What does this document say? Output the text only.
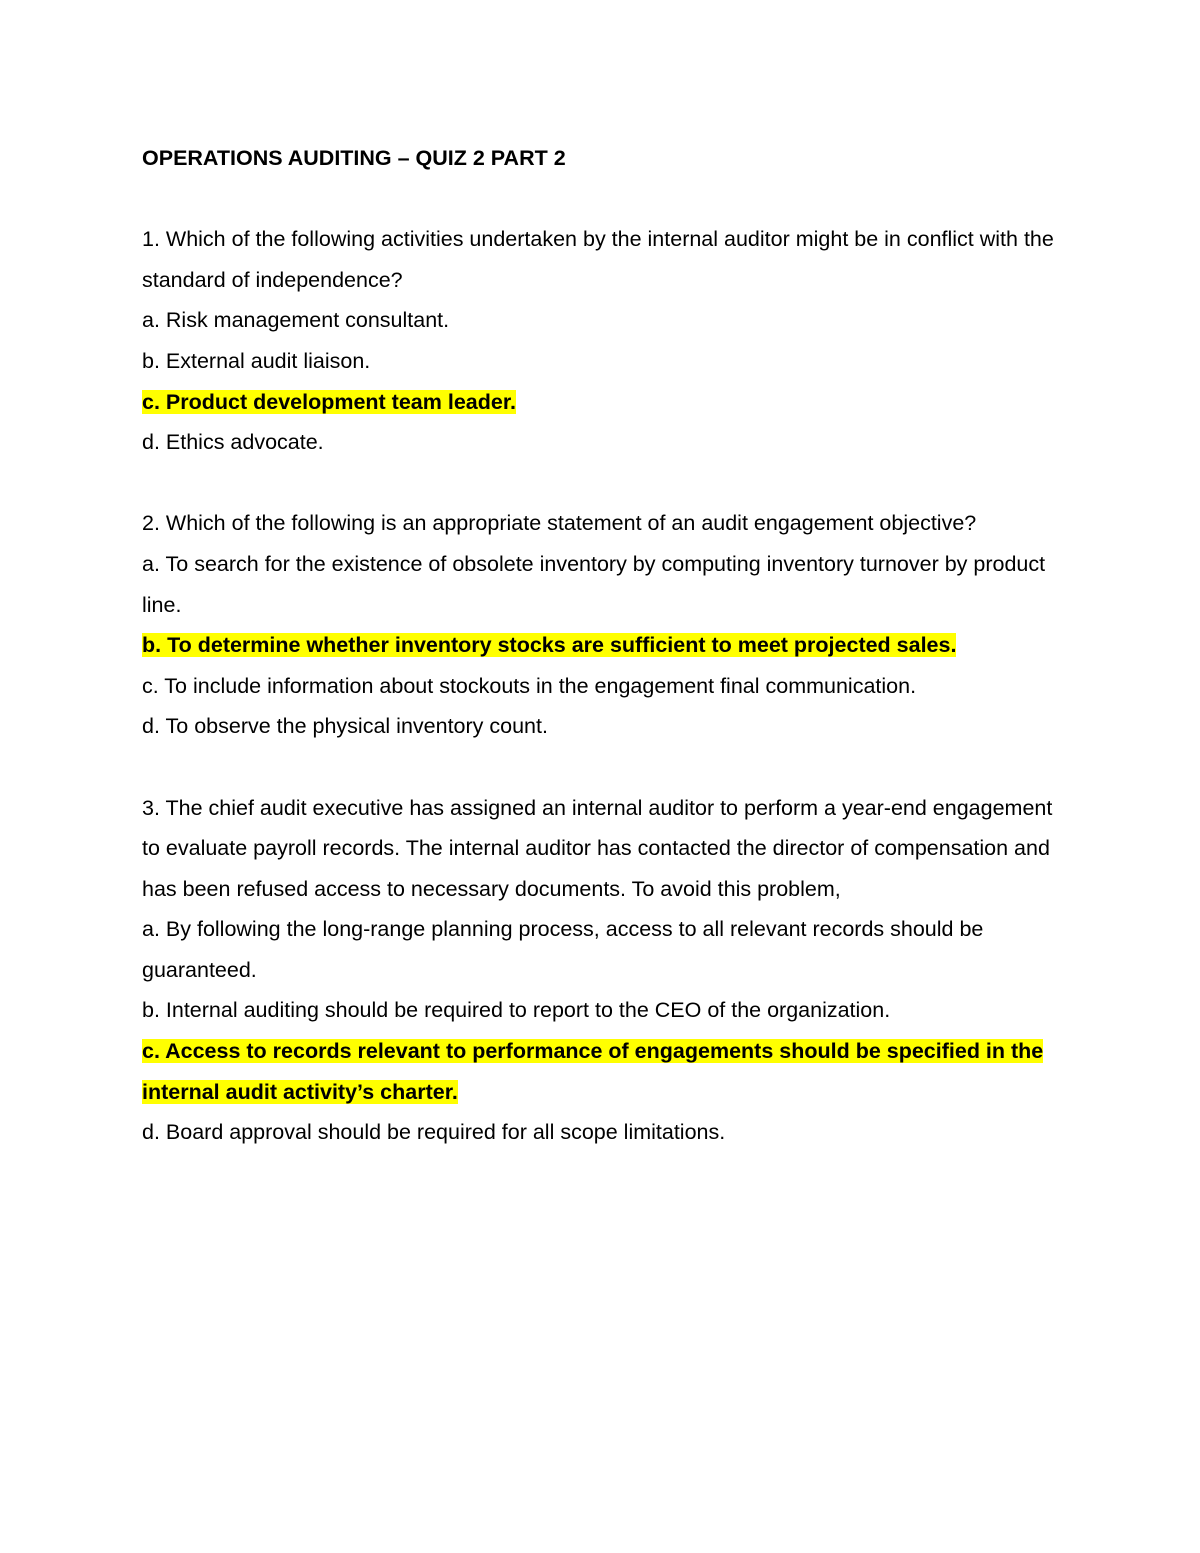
OPERATIONS AUDITING – QUIZ 2 PART 2
1. Which of the following activities undertaken by the internal auditor might be in conflict with the standard of independence?
a. Risk management consultant.
b. External audit liaison.
c. Product development team leader.
d. Ethics advocate.
2. Which of the following is an appropriate statement of an audit engagement objective?
a. To search for the existence of obsolete inventory by computing inventory turnover by product line.
b. To determine whether inventory stocks are sufficient to meet projected sales.
c. To include information about stockouts in the engagement final communication.
d. To observe the physical inventory count.
3. The chief audit executive has assigned an internal auditor to perform a year-end engagement to evaluate payroll records. The internal auditor has contacted the director of compensation and has been refused access to necessary documents. To avoid this problem,
a. By following the long-range planning process, access to all relevant records should be guaranteed.
b. Internal auditing should be required to report to the CEO of the organization.
c. Access to records relevant to performance of engagements should be specified in the internal audit activity’s charter.
d. Board approval should be required for all scope limitations.
